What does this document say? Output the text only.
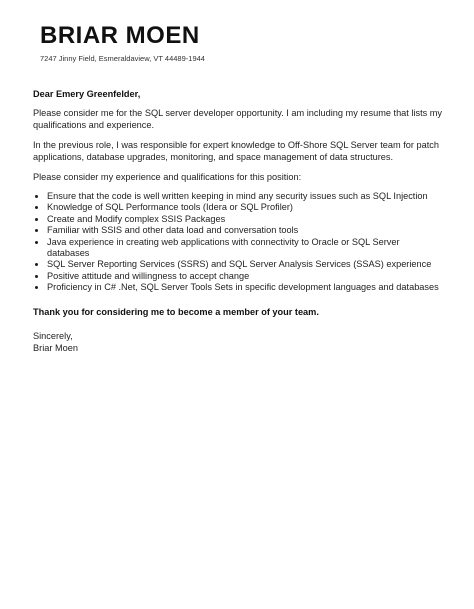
BRIAR MOEN
7247 Jinny Field, Esmeraldaview, VT 44489-1944

Dear Emery Greenfelder,

Please consider me for the SQL server developer opportunity. I am including my resume that lists my qualifications and experience.

In the previous role, I was responsible for expert knowledge to Off-Shore SQL Server team for patch applications, database upgrades, monitoring, and space management of data structures.

Please consider my experience and qualifications for this position:

• Ensure that the code is well written keeping in mind any security issues such as SQL Injection
• Knowledge of SQL Performance tools (Idera or SQL Profiler)
• Create and Modify complex SSIS Packages
• Familiar with SSIS and other data load and conversation tools
• Java experience in creating web applications with connectivity to Oracle or SQL Server databases
• SQL Server Reporting Services (SSRS) and SQL Server Analysis Services (SSAS) experience
• Positive attitude and willingness to accept change
• Proficiency in C# .Net, SQL Server Tools Sets in specific development languages and databases

Thank you for considering me to become a member of your team.

Sincerely,

Briar Moen
